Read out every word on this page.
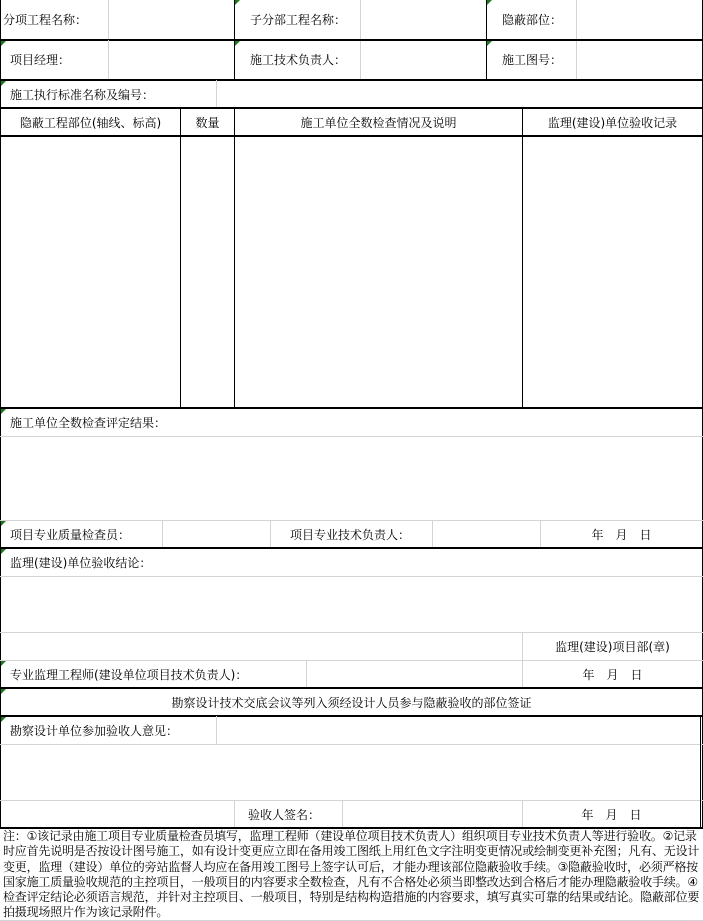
分项工程名称：	子分部工程名称：	隐蔽部位：
项目经理：	施工技术负责人：	施工图号：
施工执行标准名称及编号：
隐蔽工程部位(轴线、标高)	数量	施工单位全数检查情况及说明	监理(建设)单位验收记录
施工单位全数检查评定结果：
项目专业质量检查员：	项目专业技术负责人：	年　月　日
监理(建设)单位验收结论：
监理(建设)项目部(章)
专业监理工程师(建设单位项目技术负责人)：	年　月　日
勘察设计技术交底会议等列入须经设计人员参与隐蔽验收的部位签证
勘察设计单位参加验收人意见：
验收人签名：	年　月　日
注：①该记录由施工项目专业质量检查员填写，监理工程师（建设单位项目技术负责人）组织项目专业技术负责人等进行验收。②记录时应首先说明是否按设计图号施工，如有设计变更应立即在备用竣工图纸上用红色文字注明变更情况或绘制变更补充图；凡有、无设计变更，监理（建设）单位的旁站监督人均应在备用竣工图号上签字认可后，才能办理该部位隐蔽验收手续。③隐蔽验收时，必须严格按国家施工质量验收规范的主控项目，一般项目的内容要求全数检查，凡有不合格处必须当即整改达到合格后才能办理隐蔽验收手续。④检查评定结论必须语言规范，并针对主控项目、一般项目，特别是结构构造措施的内容要求，填写真实可靠的结果或结论。隐蔽部位要拍摄现场照片作为该记录附件。
